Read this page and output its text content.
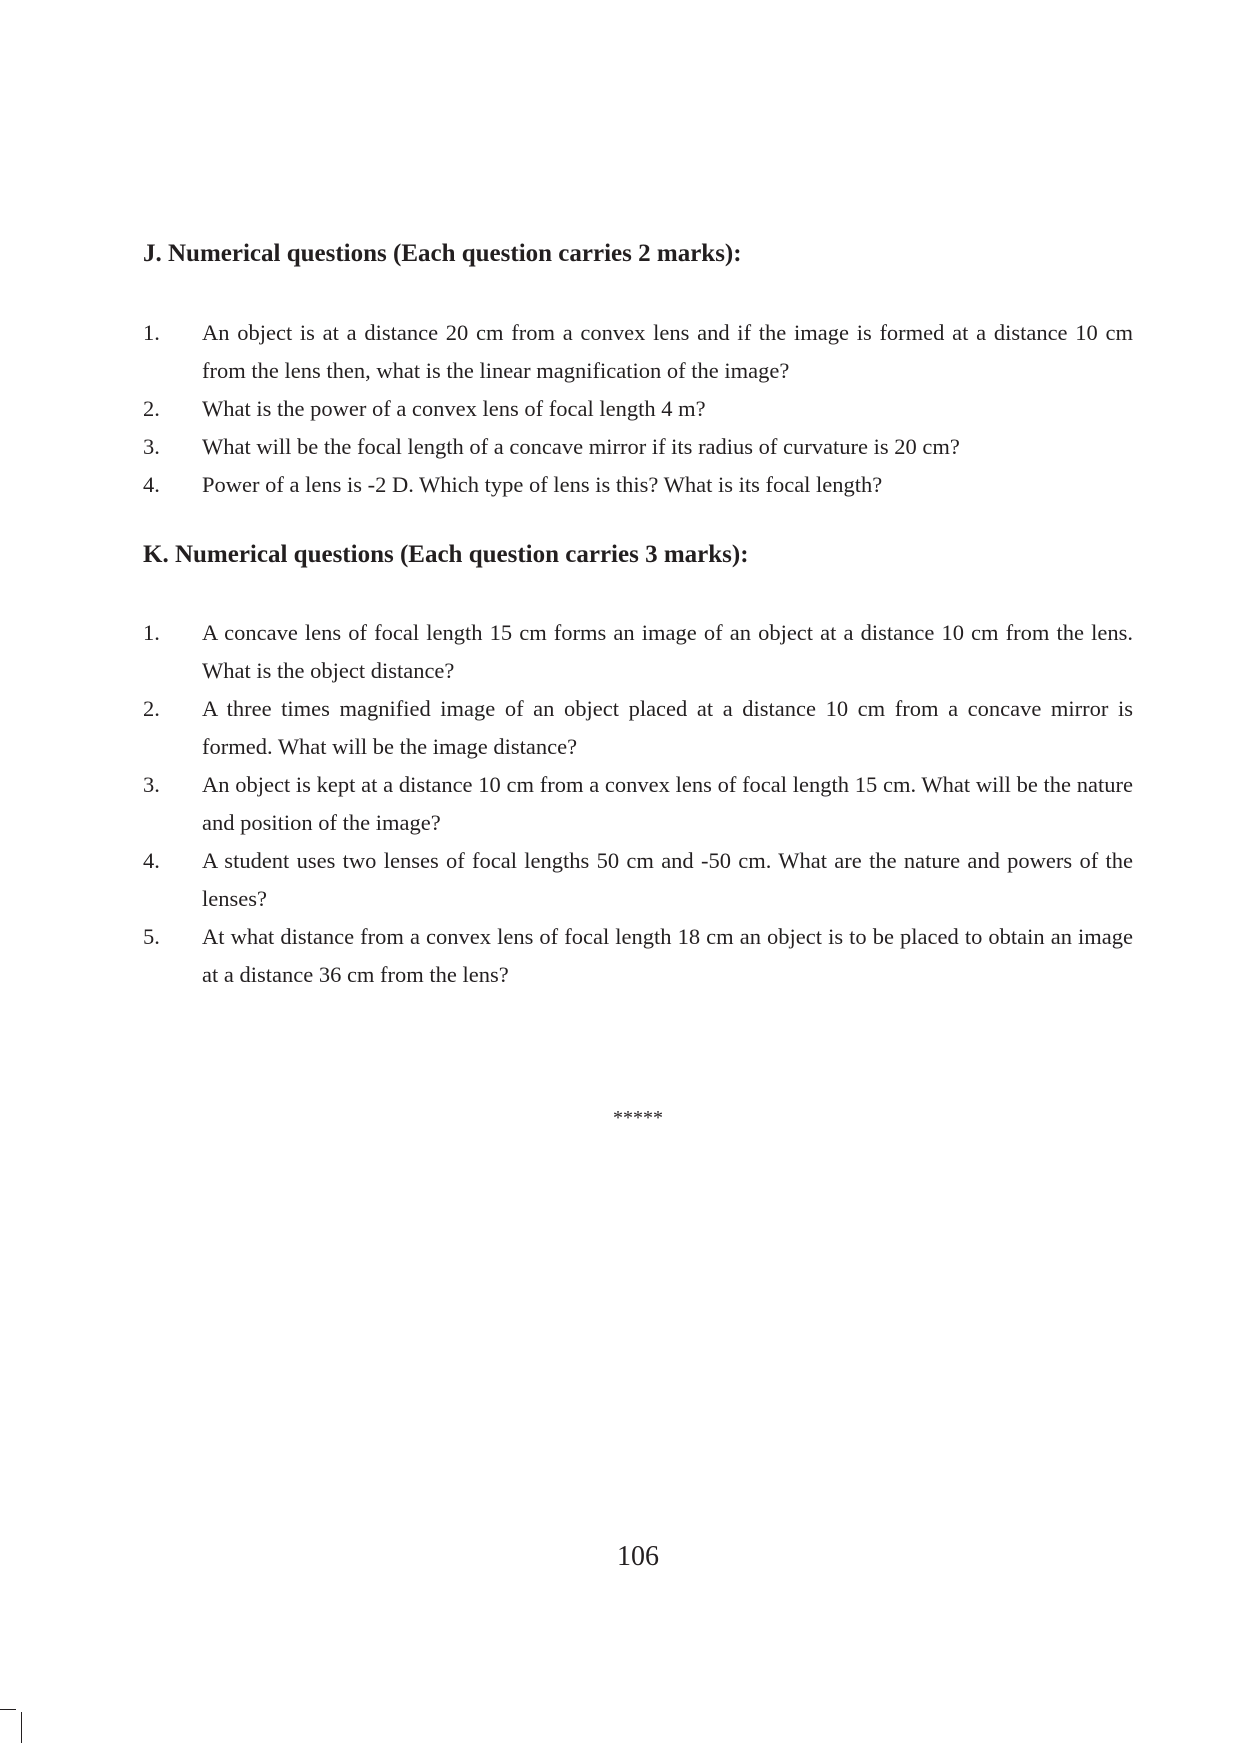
J. Numerical questions (Each question carries 2 marks):
1.	An object is at a distance 20 cm from a convex lens and if the image is formed at a distance 10 cm from the lens then, what is the linear magnification of the image?
2.	What is the power of a convex lens of focal length 4 m?
3.	What will be the focal length of a concave mirror if its radius of curvature is 20 cm?
4.	Power of a lens is -2 D. Which type of lens is this? What is its focal length?
K. Numerical questions (Each question carries 3 marks):
1.	A concave lens of focal length 15 cm forms an image of an object at a distance 10 cm from the lens. What is the object distance?
2.	A three times magnified image of an object placed at a distance 10 cm from a concave mirror is formed. What will be the image distance?
3.	An object is kept at a distance 10 cm from a convex lens of focal length 15 cm. What will be the nature and position of the image?
4.	A student uses two lenses of focal lengths 50 cm and -50 cm. What are the nature and powers of the lenses?
5.	At what distance from a convex lens of focal length 18 cm an object is to be placed to obtain an image at a distance 36 cm from the lens?
*****
106
